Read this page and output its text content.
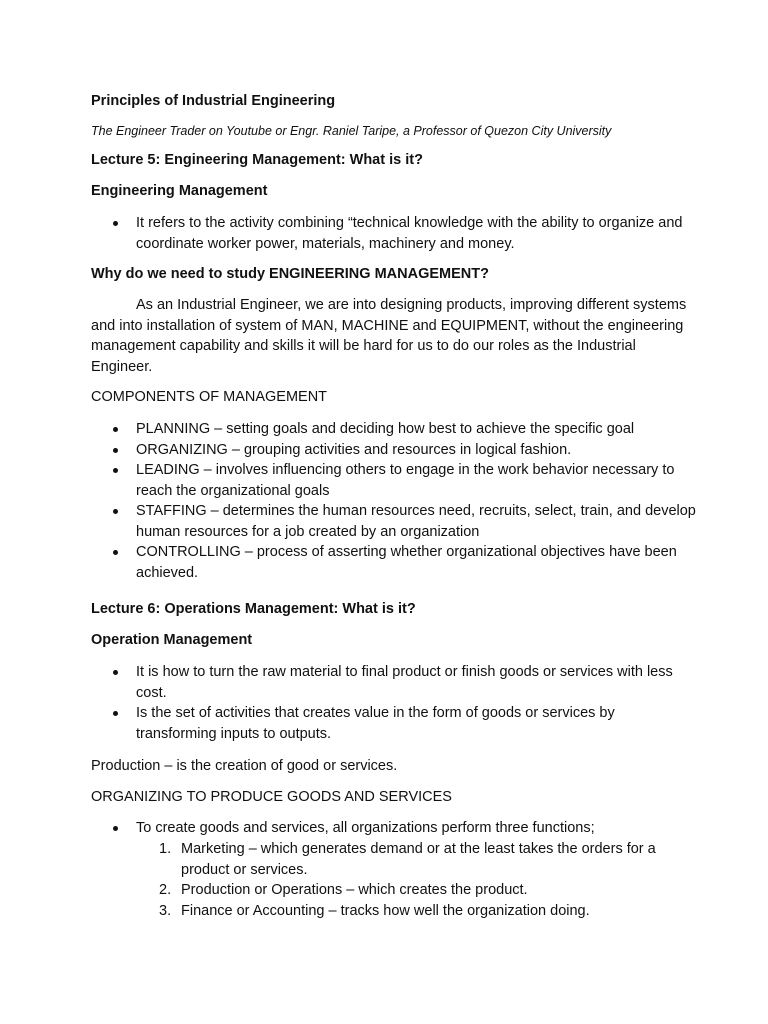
Principles of Industrial Engineering

The Engineer Trader on Youtube or Engr. Raniel Taripe, a Professor of Quezon City University

Lecture 5: Engineering Management: What is it?

Engineering Management

It refers to the activity combining “technical knowledge with the ability to organize and coordinate worker power, materials, machinery and money.

Why do we need to study ENGINEERING MANAGEMENT?

As an Industrial Engineer, we are into designing products, improving different systems and into installation of system of MAN, MACHINE and EQUIPMENT, without the engineering management capability and skills it will be hard for us to do our roles as the Industrial Engineer.

COMPONENTS OF MANAGEMENT

PLANNING – setting goals and deciding how best to achieve the specific goal
ORGANIZING – grouping activities and resources in logical fashion.
LEADING – involves influencing others to engage in the work behavior necessary to reach the organizational goals
STAFFING – determines the human resources need, recruits, select, train, and develop human resources for a job created by an organization
CONTROLLING – process of asserting whether organizational objectives have been achieved.

Lecture 6: Operations Management: What is it?

Operation Management

It is how to turn the raw material to final product or finish goods or services with less cost.
Is the set of activities that creates value in the form of goods or services by transforming inputs to outputs.

Production – is the creation of good or services.

ORGANIZING TO PRODUCE GOODS AND SERVICES

To create goods and services, all organizations perform three functions;
1. Marketing – which generates demand or at the least takes the orders for a product or services.
2. Production or Operations – which creates the product.
3. Finance or Accounting – tracks how well the organization doing.
